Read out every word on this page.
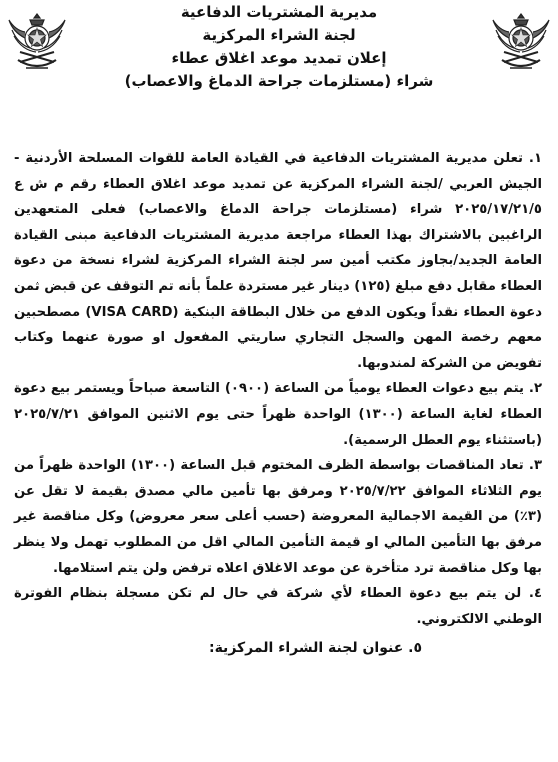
مديرية المشتريات الدفاعية
لجنة الشراء المركزية
إعلان تمديد موعد اغلاق عطاء
شراء (مستلزمات جراحة الدماغ والاعصاب)

١. تعلن مديرية المشتريات الدفاعية في القيادة العامة للقوات المسلحة الأردنية - الجيش العربي /لجنة الشراء المركزية عن تمديد موعد اغلاق العطاء رقم م ش ع ٢٠٢٥/١٧/٢١/٥ شراء (مستلزمات جراحة الدماغ والاعصاب) فعلى المتعهدين الراغبين بالاشتراك بهذا العطاء مراجعة مديرية المشتريات الدفاعية مبنى القيادة العامة الجديد/بجاوز مكتب أمين سر لجنة الشراء المركزية لشراء نسخة من دعوة العطاء مقابل دفع مبلغ (١٢٥) دينار غير مستردة علماً بأنه تم التوقف عن قبض ثمن دعوة العطاء نقداً ويكون الدفع من خلال البطاقة البنكية (VISA CARD) مصطحبين معهم رخصة المهن والسجل التجاري ساريتي المفعول او صورة عنهما وكتاب تفويض من الشركة لمندوبها.

٢. يتم بيع دعوات العطاء يومياً من الساعة (٠٩٠٠) التاسعة صباحاً ويستمر بيع دعوة العطاء لغاية الساعة (١٣٠٠) الواحدة ظهراً حتى يوم الاثنين الموافق ٢٠٢٥/٧/٢١ (باستثناء يوم العطل الرسمية).

٣. تعاد المناقصات بواسطة الظرف المختوم قبل الساعة (١٣٠٠) الواحدة ظهراً من يوم الثلاثاء الموافق ٢٠٢٥/٧/٢٢ ومرفق بها تأمين مالي مصدق بقيمة لا تقل عن (٣٪) من القيمة الاجمالية المعروضة (حسب أعلى سعر معروض) وكل مناقصة غير مرفق بها التأمين المالي او قيمة التأمين المالي اقل من المطلوب تهمل ولا ينظر بها وكل مناقصة ترد متأخرة عن موعد الاغلاق اعلاه ترفض ولن يتم استلامها.

٤. لن يتم بيع دعوة العطاء لأي شركة في حال لم تكن مسجلة بنظام الفوترة الوطني الالكتروني.

٥. عنوان لجنة الشراء المركزية:
